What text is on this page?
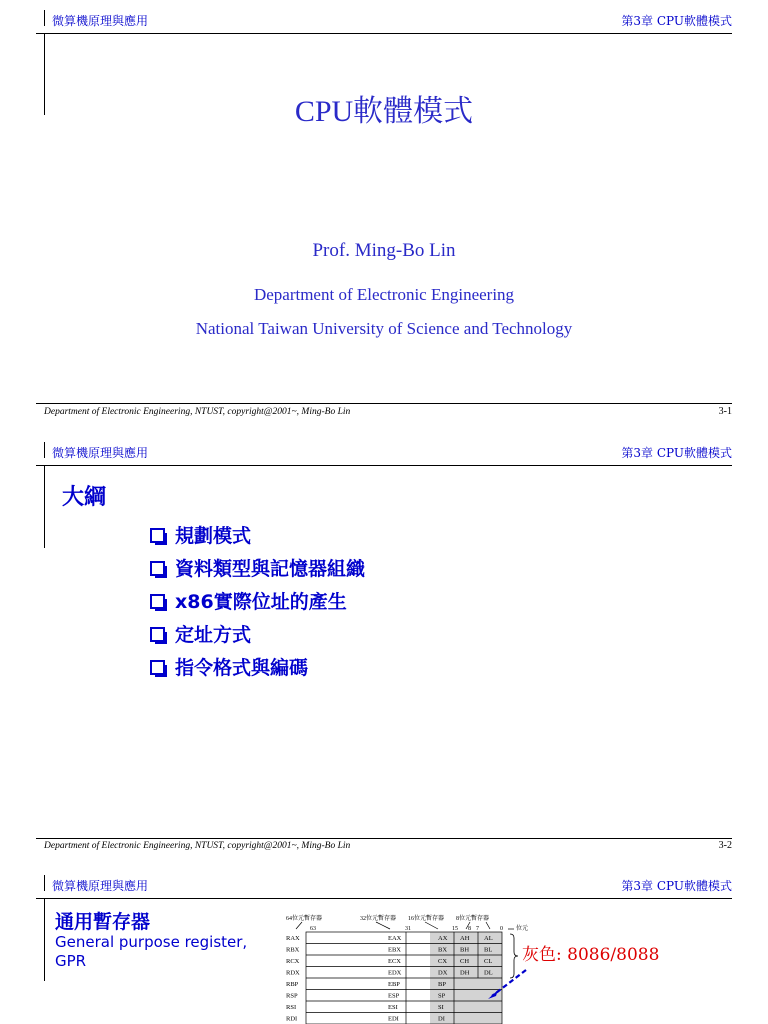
微算機原理與應用	第3章 CPU軟體模式
CPU軟體模式
Prof. Ming-Bo Lin
Department of Electronic Engineering
National Taiwan University of Science and Technology
Department of Electronic Engineering, NTUST, copyright@2001~, Ming-Bo Lin	3-1
微算機原理與應用	第3章 CPU軟體模式
大綱
規劃模式
資料類型與記憶器組織
x86實際位址的產生
定址方式
指令格式與編碼
Department of Electronic Engineering, NTUST, copyright@2001~, Ming-Bo Lin	3-2
微算機原理與應用	第3章 CPU軟體模式
通用暫存器
General purpose register, GPR
64位元暫存器	32位元暫存器 16位元暫存器 8位元暫存器
63	31	15 8 7	0 位元
RAX	EAX	AX AH AL
RBX	EBX	BX BH BL
RCX	ECX	CX CH CL
RDX	EDX	DX DH DL
RBP	EBP	BP
RSP	ESP	SP
RSI	ESI	SI
RDI	EDI	DI
灰色: 8086/8088
